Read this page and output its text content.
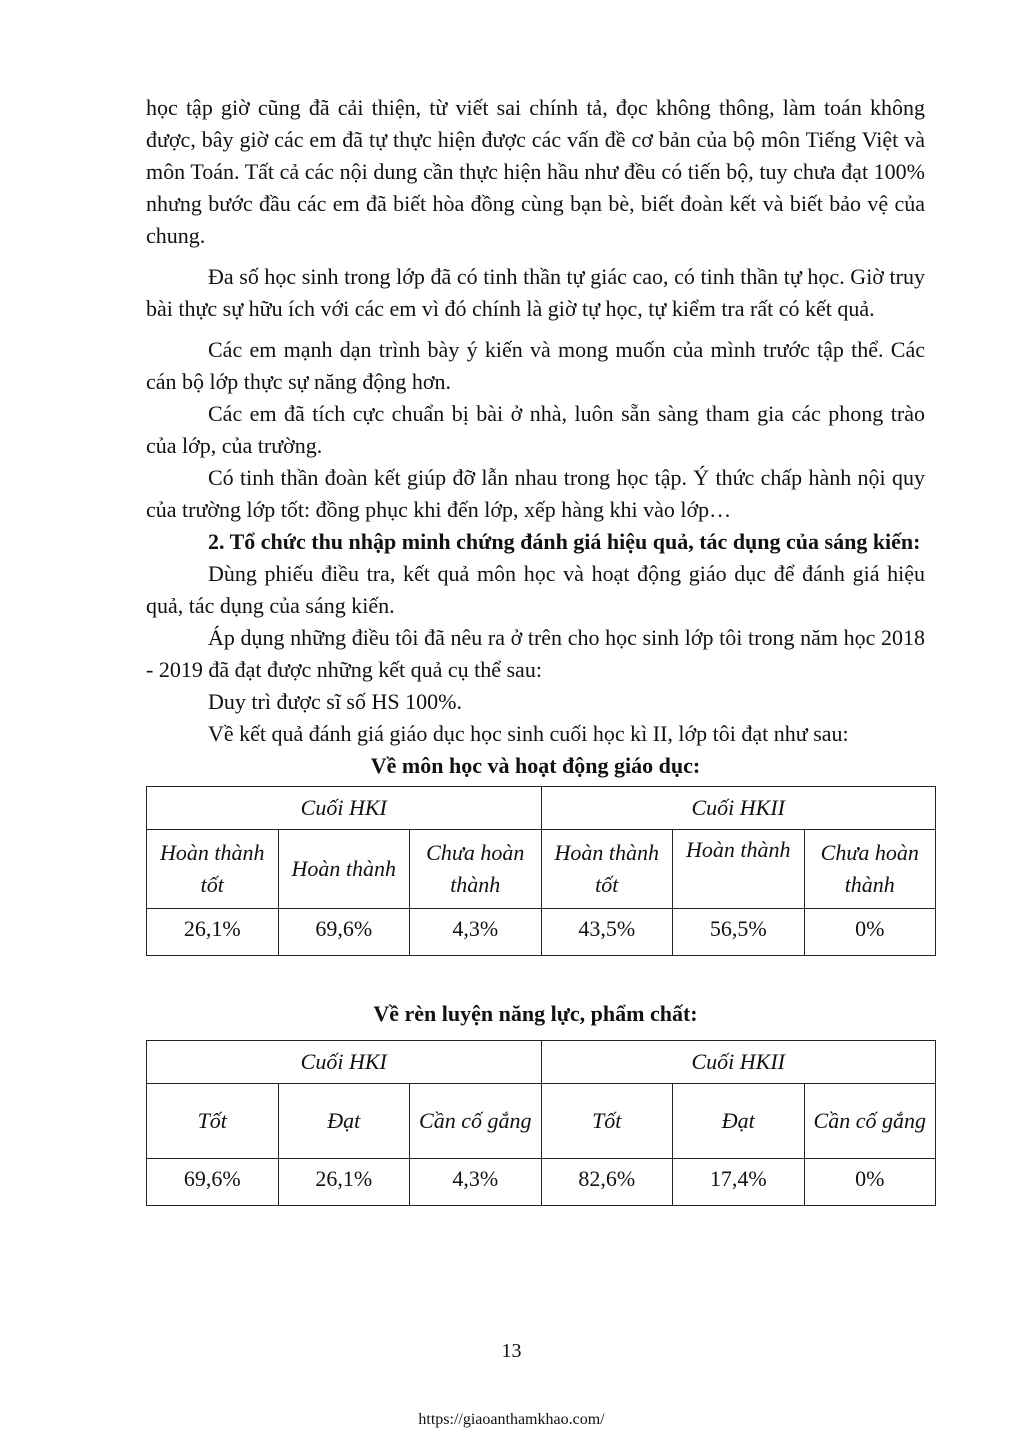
học tập giờ cũng đã cải thiện, từ viết sai chính tả, đọc không thông, làm toán không được, bây giờ các em đã tự thực hiện được các vấn đề cơ bản của bộ môn Tiếng Việt và môn Toán. Tất cả các nội dung cần thực hiện hầu như đều có tiến bộ, tuy chưa đạt 100% nhưng bước đầu các em đã biết hòa đồng cùng bạn bè, biết đoàn kết và biết bảo vệ của chung.

Đa số học sinh trong lớp đã có tinh thần tự giác cao, có tinh thần tự học. Giờ truy bài thực sự hữu ích với các em vì đó chính là giờ tự học, tự kiểm tra rất có kết quả.

Các em mạnh dạn trình bày ý kiến và mong muốn của mình trước tập thể. Các cán bộ lớp thực sự năng động hơn.

Các em đã tích cực chuẩn bị bài ở nhà, luôn sẵn sàng tham gia các phong trào của lớp, của trường.

Có tinh thần đoàn kết giúp đỡ lẫn nhau trong học tập. Ý thức chấp hành nội quy của trường lớp tốt: đồng phục khi đến lớp, xếp hàng khi vào lớp…

2. Tổ chức thu nhập minh chứng đánh giá hiệu quả, tác dụng của sáng kiến:

Dùng phiếu điều tra, kết quả môn học và hoạt động giáo dục để đánh giá hiệu quả, tác dụng của sáng kiến.

Áp dụng những điều tôi đã nêu ra ở trên cho học sinh lớp tôi trong năm học 2018 - 2019 đã đạt được những kết quả cụ thể sau:

Duy trì được sĩ số HS 100%.

Về kết quả đánh giá giáo dục học sinh cuối học kì II, lớp tôi đạt như sau:

Về môn học và hoạt động giáo dục:

Cuối HKI			Cuối HKII		
Hoàn thành tốt	Hoàn thành	Chưa hoàn thành	Hoàn thành tốt	Hoàn thành	Chưa hoàn thành
26,1%	69,6%	4,3%	43,5%	56,5%	0%

Về rèn luyện năng lực, phẩm chất:

Cuối HKI			Cuối HKII		
Tốt	Đạt	Cần cố gắng	Tốt	Đạt	Cần cố gắng
69,6%	26,1%	4,3%	82,6%	17,4%	0%
13
https://giaoanthamkhao.com/
